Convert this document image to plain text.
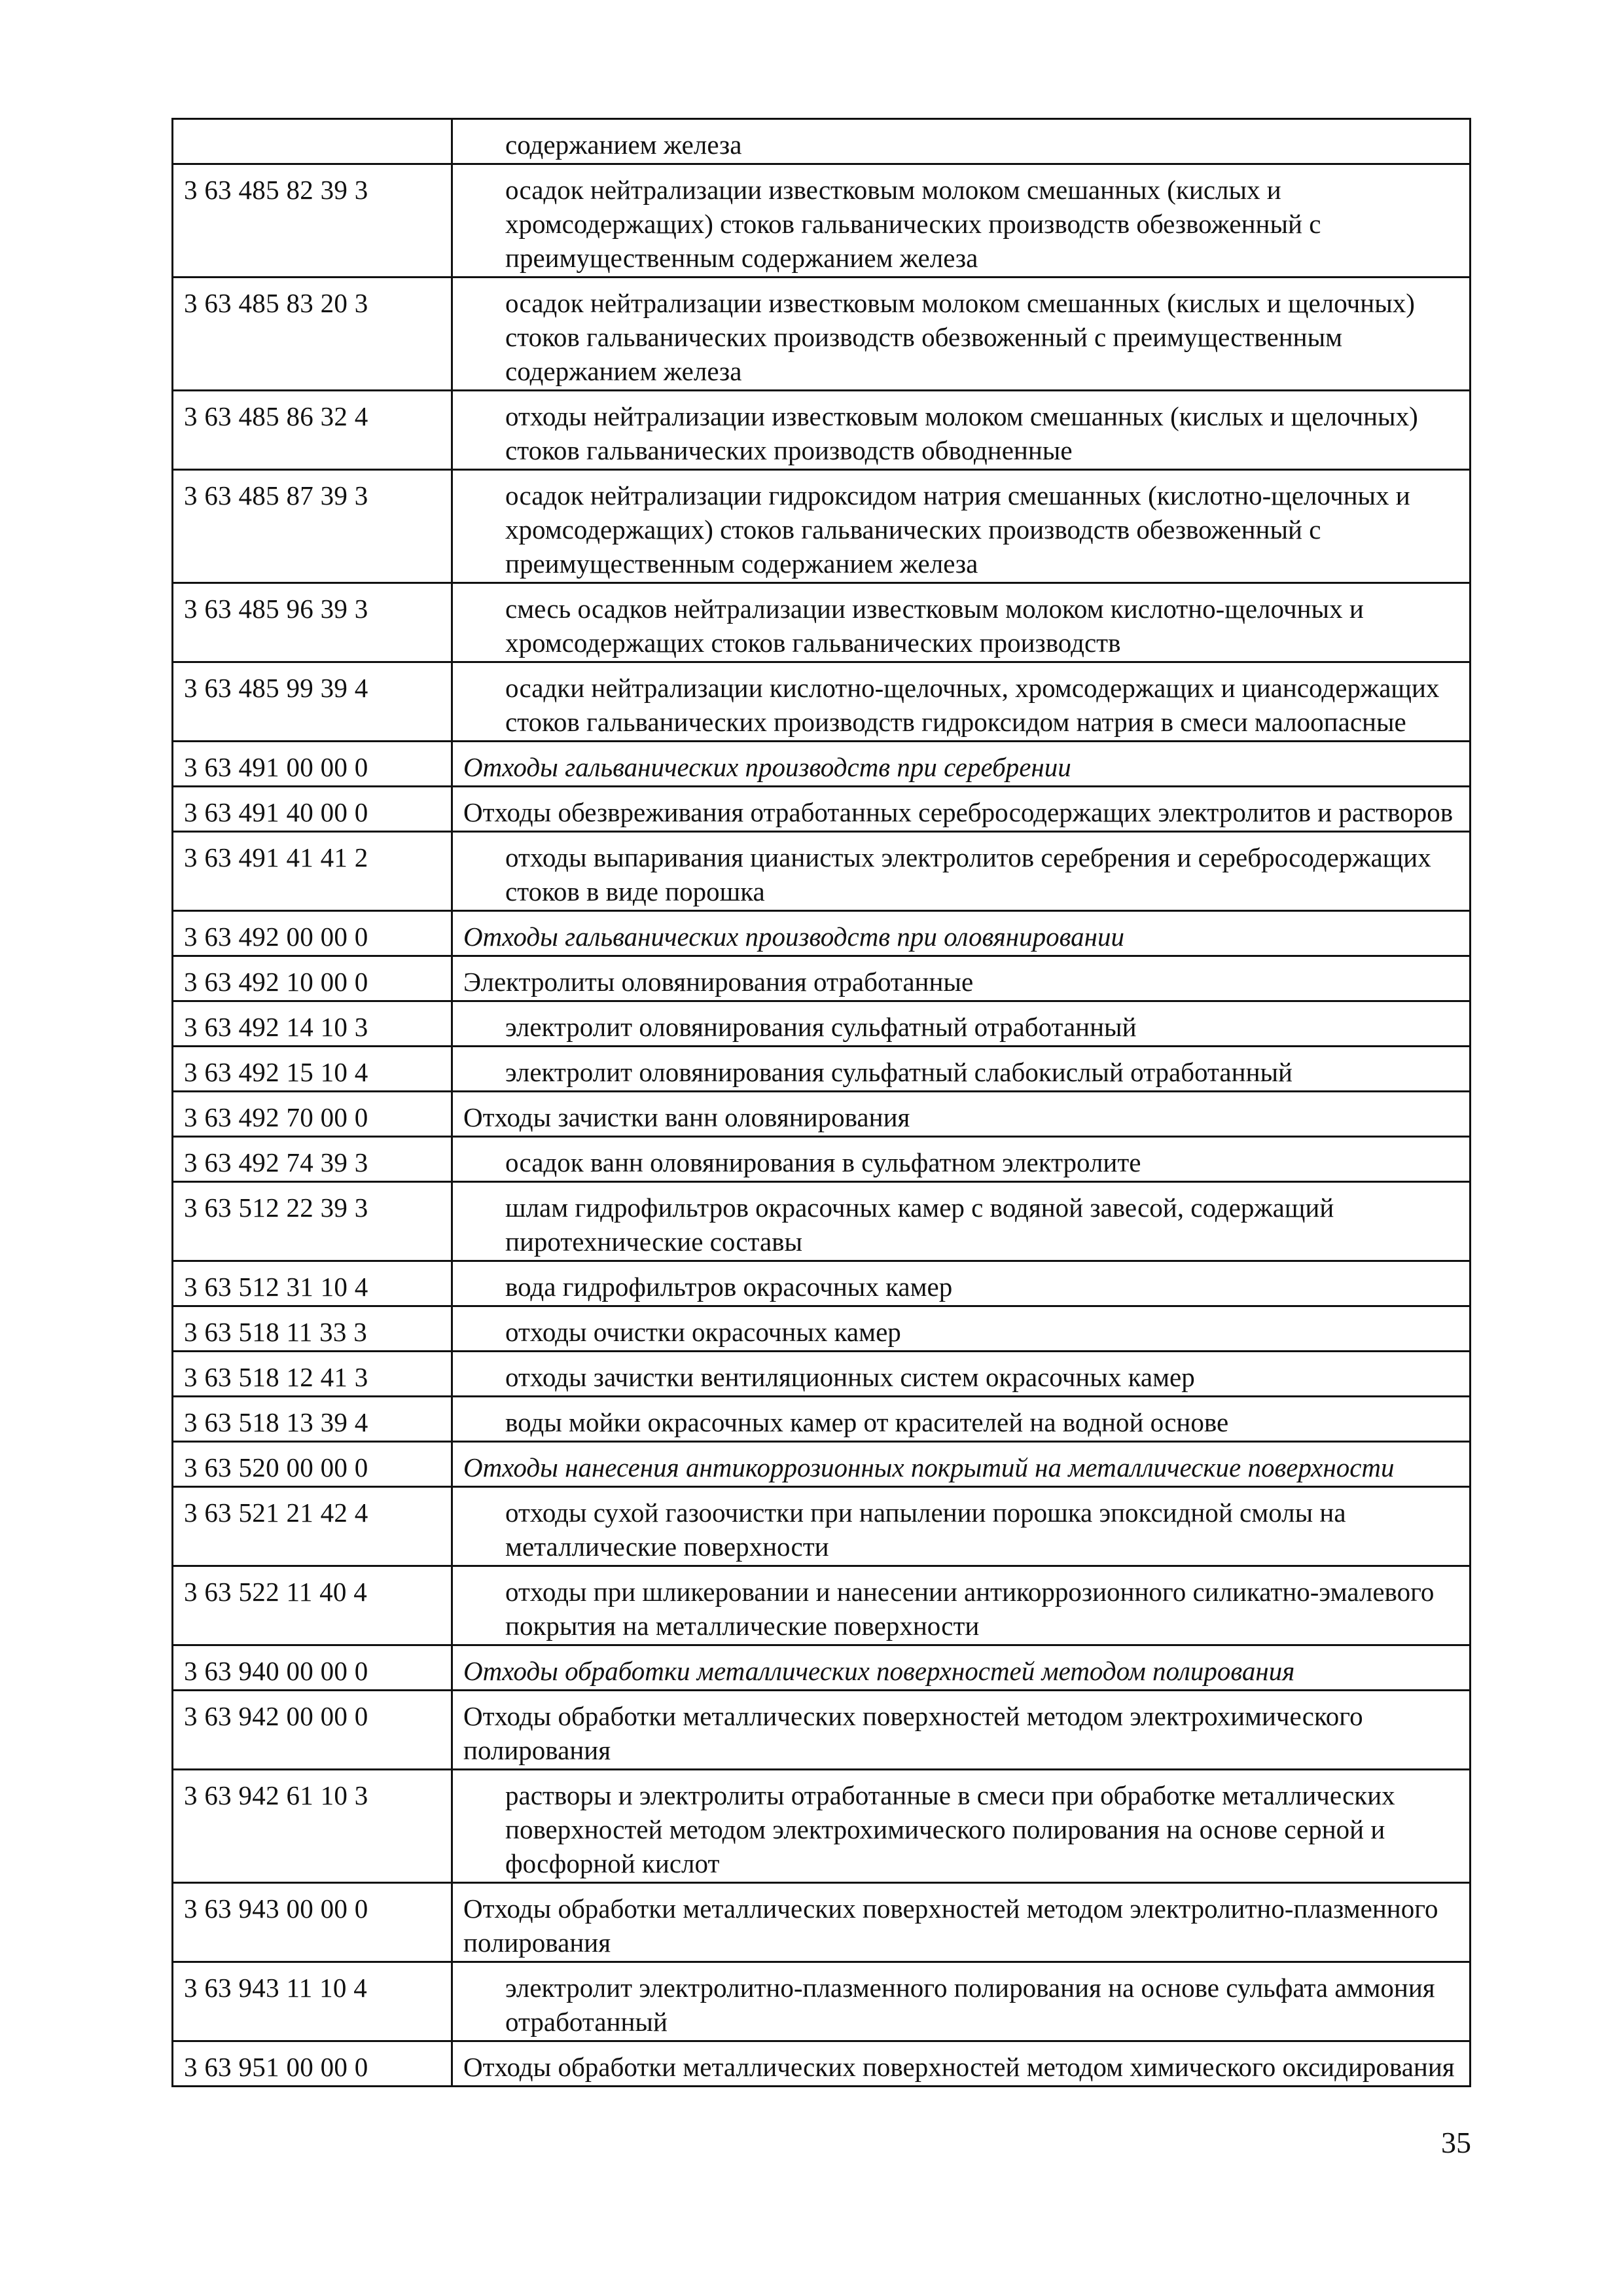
	содержанием железа
3 63 485 82 39 3	осадок нейтрализации известковым молоком смешанных (кислых и хромсодержащих) стоков гальванических производств обезвоженный с преимущественным содержанием железа
3 63 485 83 20 3	осадок нейтрализации известковым молоком смешанных (кислых и щелочных) стоков гальванических производств обезвоженный с преимущественным содержанием железа
3 63 485 86 32 4	отходы нейтрализации известковым молоком смешанных (кислых и щелочных) стоков гальванических производств обводненные
3 63 485 87 39 3	осадок нейтрализации гидроксидом натрия смешанных (кислотно-щелочных и хромсодержащих) стоков гальванических производств обезвоженный с преимущественным содержанием железа
3 63 485 96 39 3	смесь осадков нейтрализации известковым молоком кислотно-щелочных и хромсодержащих стоков гальванических производств
3 63 485 99 39 4	осадки нейтрализации кислотно-щелочных, хромсодержащих и циансодержащих стоков гальванических производств гидроксидом натрия в смеси малоопасные
3 63 491 00 00 0	Отходы гальванических производств при серебрении
3 63 491 40 00 0	Отходы обезвреживания отработанных серебросодержащих электролитов и растворов
3 63 491 41 41 2	отходы выпаривания цианистых электролитов серебрения и серебросодержащих стоков в виде порошка
3 63 492 00 00 0	Отходы гальванических производств при оловянировании
3 63 492 10 00 0	Электролиты оловянирования отработанные
3 63 492 14 10 3	электролит оловянирования сульфатный отработанный
3 63 492 15 10 4	электролит оловянирования сульфатный слабокислый отработанный
3 63 492 70 00 0	Отходы зачистки ванн оловянирования
3 63 492 74 39 3	осадок ванн оловянирования в сульфатном электролите
3 63 512 22 39 3	шлам гидрофильтров окрасочных камер с водяной завесой, содержащий пиротехнические составы
3 63 512 31 10 4	вода гидрофильтров окрасочных камер
3 63 518 11 33 3	отходы очистки окрасочных камер
3 63 518 12 41 3	отходы зачистки вентиляционных систем окрасочных камер
3 63 518 13 39 4	воды мойки окрасочных камер от красителей на водной основе
3 63 520 00 00 0	Отходы нанесения антикоррозионных покрытий на металлические поверхности
3 63 521 21 42 4	отходы сухой газоочистки при напылении порошка эпоксидной смолы на металлические поверхности
3 63 522 11 40 4	отходы при шликеровании и нанесении антикоррозионного силикатно-эмалевого покрытия на металлические поверхности
3 63 940 00 00 0	Отходы обработки металлических поверхностей методом полирования
3 63 942 00 00 0	Отходы обработки металлических поверхностей методом электрохимического полирования
3 63 942 61 10 3	растворы и электролиты отработанные в смеси при обработке металлических поверхностей методом электрохимического полирования на основе серной и фосфорной кислот
3 63 943 00 00 0	Отходы обработки металлических поверхностей методом электролитно-плазменного полирования
3 63 943 11 10 4	электролит электролитно-плазменного полирования на основе сульфата аммония отработанный
3 63 951 00 00 0	Отходы обработки металлических поверхностей методом химического оксидирования
35
